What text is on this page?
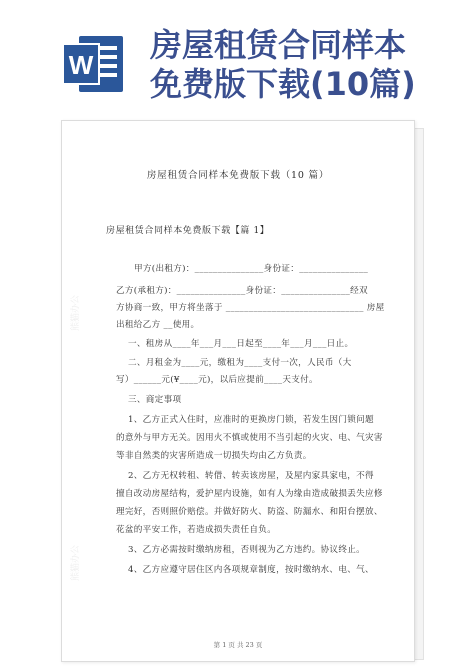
W
房屋租赁合同样本
免费版下载(10篇)
房屋租赁合同样本免费版下载（10 篇）
房屋租赁合同样本免费版下载【篇 1】
甲方(出租方)：_______________身份证：_______________
乙方(承租方)：_______________身份证：_______________经双
方协商一致，甲方将坐落于 ______________________________ 房屋
出租给乙方 __使用。
一、租房从____年___月___日起至____年___月___日止。
二、月租金为____元，缴租为____支付一次，人民币（大
写）______元(¥____元)，以后应提前____天支付。
三、商定事项
1、乙方正式入住时，应准时的更换房门锁，若发生因门锁问题
的意外与甲方无关。因用火不慎或使用不当引起的火灾、电、气灾害
等非自然类的灾害所造成一切损失均由乙方负责。
2、乙方无权转租、转借、转卖该房屋，及屋内家具家电，不得
擅自改动房屋结构，爱护屋内设施，如有人为缘由造成破损丢失应修
理完好，否则照价赔偿。并做好防火、防盗、防漏水、和阳台摆放、
花盆的平安工作，若造成损失责任自负。
3、乙方必需按时缴纳房租，否则视为乙方违约。协议终止。
4、乙方应遵守居住区内各项规章制度，按时缴纳水、电、气、
熊猫办公
熊猫办公
第 1 页 共 23 页
